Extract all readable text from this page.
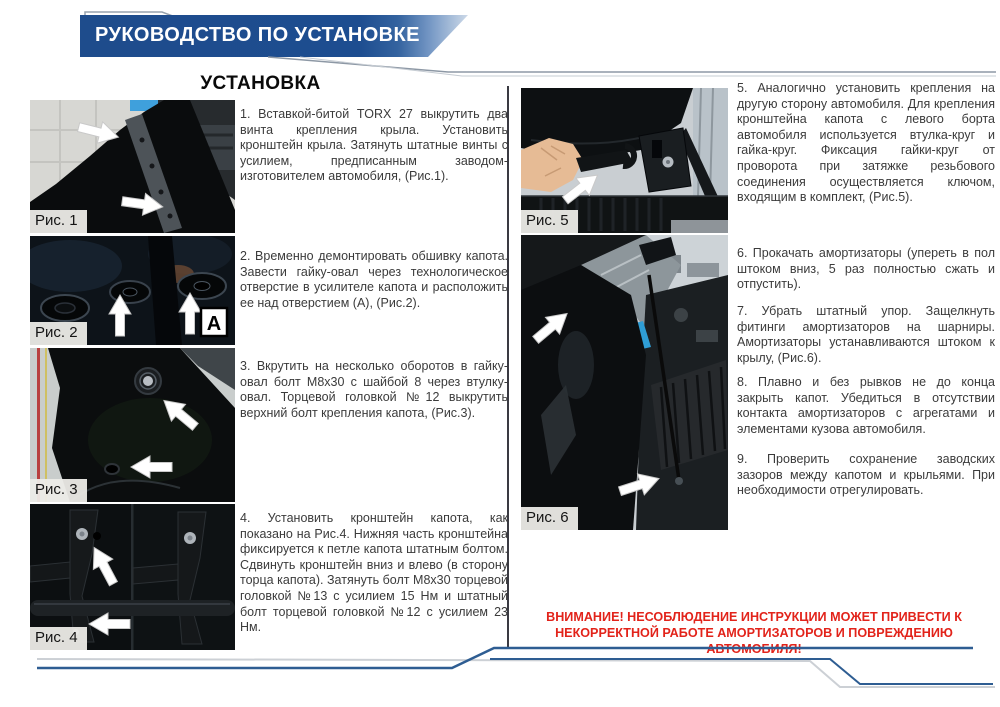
РУКОВОДСТВО ПО УСТАНОВКЕ
УСТАНОВКА
Рис. 1
A
Рис. 2
Рис. 3
Рис. 4
1. Вставкой-битой TORX 27 выкрутить два винта крепления крыла. Установить кронштейн крыла. Затянуть штатные винты с усилием, предписанным заводом-изготовителем автомобиля, (Рис.1).
2. Временно демонтировать обшивку капота. Завести гайку-овал через технологическое отверстие в усилителе капота и расположить ее над отверстием (А), (Рис.2).
3. Вкрутить на несколько оборотов в гайку-овал болт М8х30 с шайбой 8 через втулку-овал. Торцевой головкой №12 выкрутить верхний болт крепления капота, (Рис.3).
4. Установить кронштейн капота, как показано на Рис.4. Нижняя часть кронштейна фиксируется к петле капота штатным болтом. Сдвинуть кронштейн вниз и влево (в сторону торца капота). Затянуть болт М8х30 торцевой головкой №13 с усилием 15 Нм и штатный болт торцевой головкой №12 с усилием 23 Нм.
Рис. 5
Рис. 6
5. Аналогично установить крепления на другую сторону автомобиля. Для крепления кронштейна капота с левого борта автомобиля используется втулка-круг и гайка-круг. Фиксация гайки-круг от проворота при затяжке резьбового соединения осуществляется ключом, входящим в комплект, (Рис.5).
6. Прокачать амортизаторы (упереть в пол штоком вниз, 5 раз полностью сжать и отпустить).
7. Убрать штатный упор. Защелкнуть фитинги амортизаторов на шарниры. Амортизаторы устанавливаются штоком к крылу, (Рис.6).
8. Плавно и без рывков не до конца закрыть капот. Убедиться в отсутствии контакта амортизаторов с агрегатами и элементами кузова автомобиля.
9. Проверить сохранение заводских зазоров между капотом и крыльями. При необходимости отрегулировать.
ВНИМАНИЕ! НЕСОБЛЮДЕНИЕ ИНСТРУКЦИИ МОЖЕТ ПРИВЕСТИ К НЕКОРРЕКТНОЙ РАБОТЕ АМОРТИЗАТОРОВ И ПОВРЕЖДЕНИЮ АВТОМОБИЛЯ!
